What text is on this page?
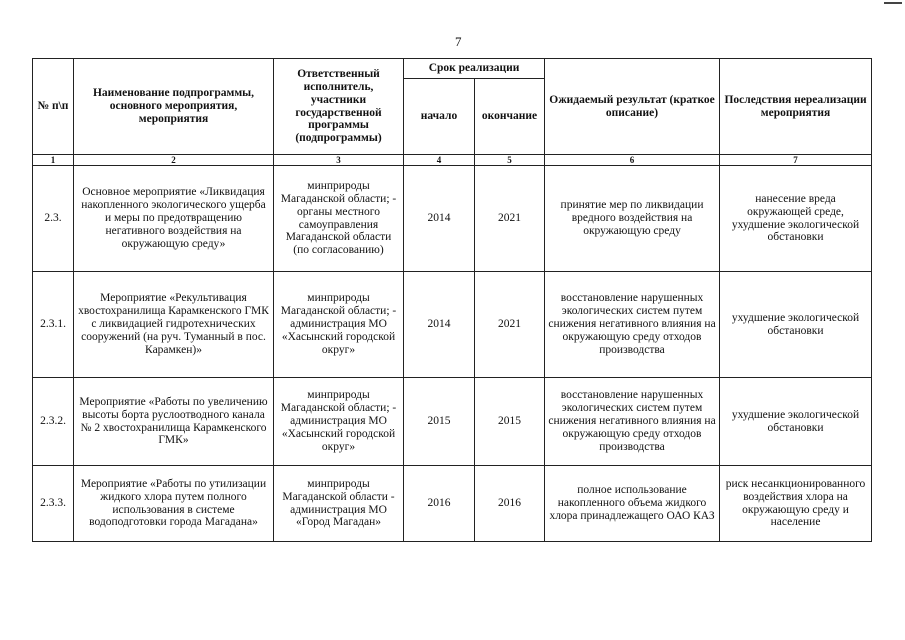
7
№ п\п	Наименование подпрограммы, основного мероприятия, мероприятия	Ответственный исполнитель, участники государственной программы (подпрограммы)	Срок реализации		Ожидаемый результат (краткое описание)	Последствия нереализации мероприятия
			начало	окончание		
1	2	3	4	5	6	7
2.3.	Основное мероприятие «Ликвидация накопленного экологического ущерба и меры по предотвращению негативного воздействия на окружающую среду»	минприроды Магаданской области; - органы местного самоуправления Магаданской области (по согласованию)	2014	2021	принятие мер по ликвидации вредного воздействия на окружающую среду	нанесение вреда окружающей среде, ухудшение экологической обстановки
2.3.1.	Мероприятие «Рекультивация хвостохранилища Карамкенского ГМК с ликвидацией гидротехнических сооружений (на руч. Туманный в пос. Карамкен)»	минприроды Магаданской области; - администрация МО «Хасынский городской округ»	2014	2021	восстановление нарушенных экологических систем путем снижения негативного влияния на окружающую среду отходов производства	ухудшение экологической обстановки
2.3.2.	Мероприятие «Работы по увеличению высоты борта руслоотводного канала № 2 хвостохранилища Карамкенского ГМК»	минприроды Магаданской области; - администрация МО «Хасынский городской округ»	2015	2015	восстановление нарушенных экологических систем путем снижения негативного влияния на окружающую среду отходов производства	ухудшение экологической обстановки
2.3.3.	Мероприятие «Работы по утилизации жидкого хлора путем полного использования в системе водоподготовки города Магадана»	минприроды Магаданской области - администрация МО «Город Магадан»	2016	2016	полное использование накопленного объема жидкого хлора принадлежащего ОАО КАЗ	риск несанкционированного воздействия хлора на окружающую среду и население
